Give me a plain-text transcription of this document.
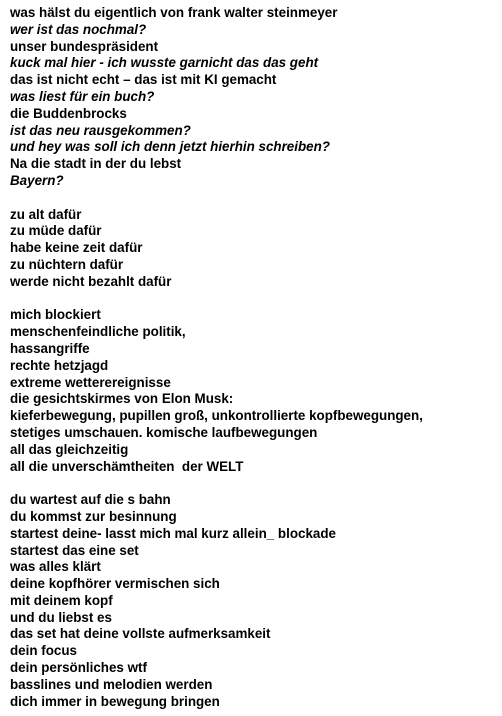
was hälst du eigentlich von frank walter steinmeyer
wer ist das nochmal?
unser bundespräsident
kuck mal hier - ich wusste garnicht das das geht
das ist nicht echt – das ist mit KI gemacht
was liest für ein buch?
die Buddenbrocks
ist das neu rausgekommen?
und hey was soll ich denn jetzt hierhin schreiben?
Na die stadt in der du lebst
Bayern?
zu alt dafür
zu müde dafür
habe keine zeit dafür
zu nüchtern dafür
werde nicht bezahlt dafür
mich blockiert
menschenfeindliche politik,
hassangriffe
rechte hetzjagd
extreme wetterereignisse
die gesichtskirmes von Elon Musk:
kieferbewegung, pupillen groß, unkontrollierte kopfbewegungen,
stetiges umschauen. komische laufbewegungen
all das gleichzeitig
all die unverschämtheiten  der WELT
du wartest auf die s bahn
du kommst zur besinnung
startest deine- lasst mich mal kurz allein_ blockade
startest das eine set
was alles klärt
deine kopfhörer vermischen sich
mit deinem kopf
und du liebst es
das set hat deine vollste aufmerksamkeit
dein focus
dein persönliches wtf
basslines und melodien werden
dich immer in bewegung bringen
